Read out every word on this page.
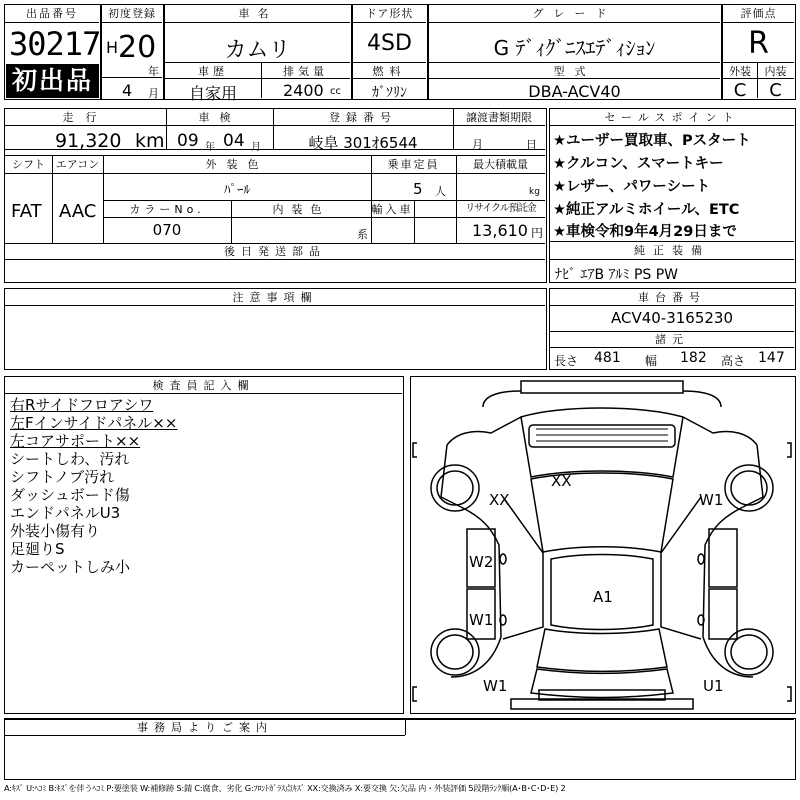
出品番号
30217
初出品
初度登録
H 20
年
4 月
車名
カムリ
車歴	排気量
自家用	2400 cc
ドア形状
4SD
燃料
ｶﾞｿﾘﾝ
グレード
G ﾃﾞｨｸﾞﾆｽｴﾃﾞｨｼｮﾝ
型式
DBA-ACV40
評価点
R
外装	内装
C	C
走行	車検	登録番号	譲渡書類期限
91,320 km 09 年 04 月	岐阜 301ｵ6544	月	日
シフト エアコン	外装色	乗車定員	最大積載量
FAT AAC
ﾊﾟｰﾙ	5 人	kg
カラーNo.	内装色	輸入車	リサイクル預託金
070	系	13,610 円
後日発送部品
セールスポイント
★ユーザー買取車、Pスタート
★クルコン、スマートキー
★レザー、パワーシート
★純正アルミホイール、ETC
★車検令和9年4月29日まで
純正装備
ﾅﾋﾞ ｴｱB ｱﾙﾐ PS PW
注意事項欄	車台番号
ACV40-3165230
諸元
長さ 481 幅 182 高さ 147
検査員記入欄
右Rサイドフロアシワ
左Fインサイドパネル××
左コアサポート××
シートしわ、汚れ
シフトノブ汚れ
ダッシュボード傷
エンドパネルU3
外装小傷有り
足廻りS
カーペットしみ小
XX
XX
W1
W2
A1
W1
W1	U1
事務局よりご案内
A:ｷｽﾞ U:ﾍｺﾐ B:ｷｽﾞを伴うﾍｺﾐ P:要塗装 W:補修跡 S:錆 C:腐食、劣化 G:ﾌﾛﾝﾄｶﾞﾗｽ点ｷｽﾞ XX:交換済み X:要交換 欠:欠品 内・外装評価 5段階ﾗﾝｸ順(A･B･C･D･E) 2
